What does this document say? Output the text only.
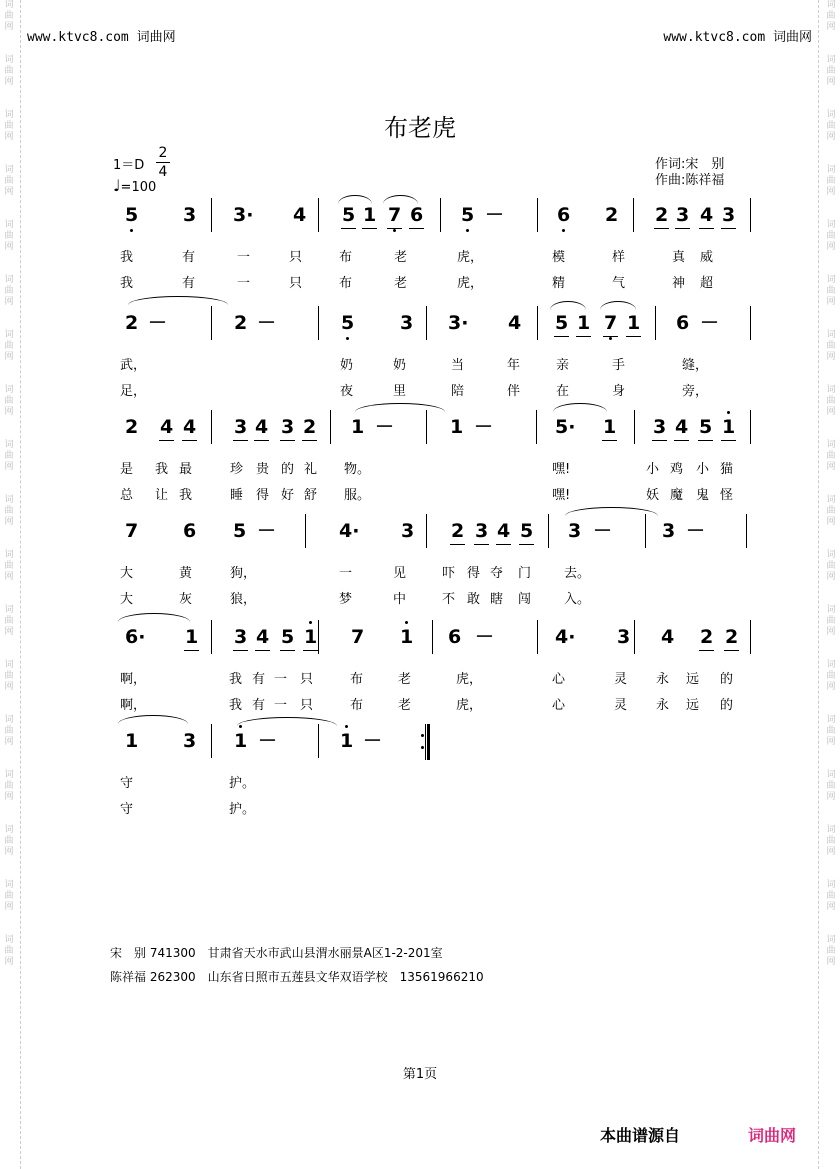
词
曲
网

词
曲
网

词
曲
网

词
曲
网

词
曲
网

词
曲
网

词
曲
网

词
曲
网

词
曲
网

词
曲
网

词
曲
网

词
曲
网

词
曲
网

词
曲
网

词
曲
网

词
曲
网

词
曲
网

词
曲
网

词
曲
网

词
曲
网

词
曲
网

词
曲
网

词
曲
网

词
曲
网

词
曲
网

词
曲
网

词
曲
网

词
曲
网

词
曲
网

词
曲
网

词
曲
网

词
曲
网

词
曲
网

词
曲
网

词
曲
网

词
曲
网

www.ktvc8.com 词曲网	www.ktvc8.com 词曲网
布老虎
1＝D
2
4
♩=100
作词:宋　别
作曲:陈祥福
5 3 3· 4 5 1 7 6 5 －	6 2 2 3 4 3
我	有	一	只	布	老	虎，	模	样	真 威
我	有	一	只	布	老	虎，	精	气	神 超
2 －	2 －	5 3 3· 4 5 1 7 1 6 －
武，	奶	奶	当	年	亲	手	缝，
足，	夜	里	陪	伴	在	身	旁，
2 4 4 3 4 3 2 1 －	1 －	5· 1 3 4 5 1
是 我 最	珍 贵 的 礼 物。	嘿!	小 鸡 小 猫
总 让 我	睡 得 好 舒 服。	嘿!	妖 魔 鬼 怪
7 6 5 －	4· 3 2 3 4 5 3 －	3 －
大	黄	狗，	一	见	吓 得 夺 门	去。
大	灰	狼，	梦	中	不 敢 瞎 闯	入。
6· 1 3 4 5 1 7 1 6 －	4· 3 4 2 2
啊，	我 有 一 只	布	老	虎，	心	灵 永 远 的
啊，	我 有 一 只	布	老	虎，	心	灵 永 远 的
1 3 1 －	1 －
守	护。
守	护。
宋　别 741300　甘肃省天水市武山县渭水丽景A区1-2-201室
陈祥福 262300　山东省日照市五莲县文华双语学校　13561966210
第1页
本曲谱源自	词曲网
